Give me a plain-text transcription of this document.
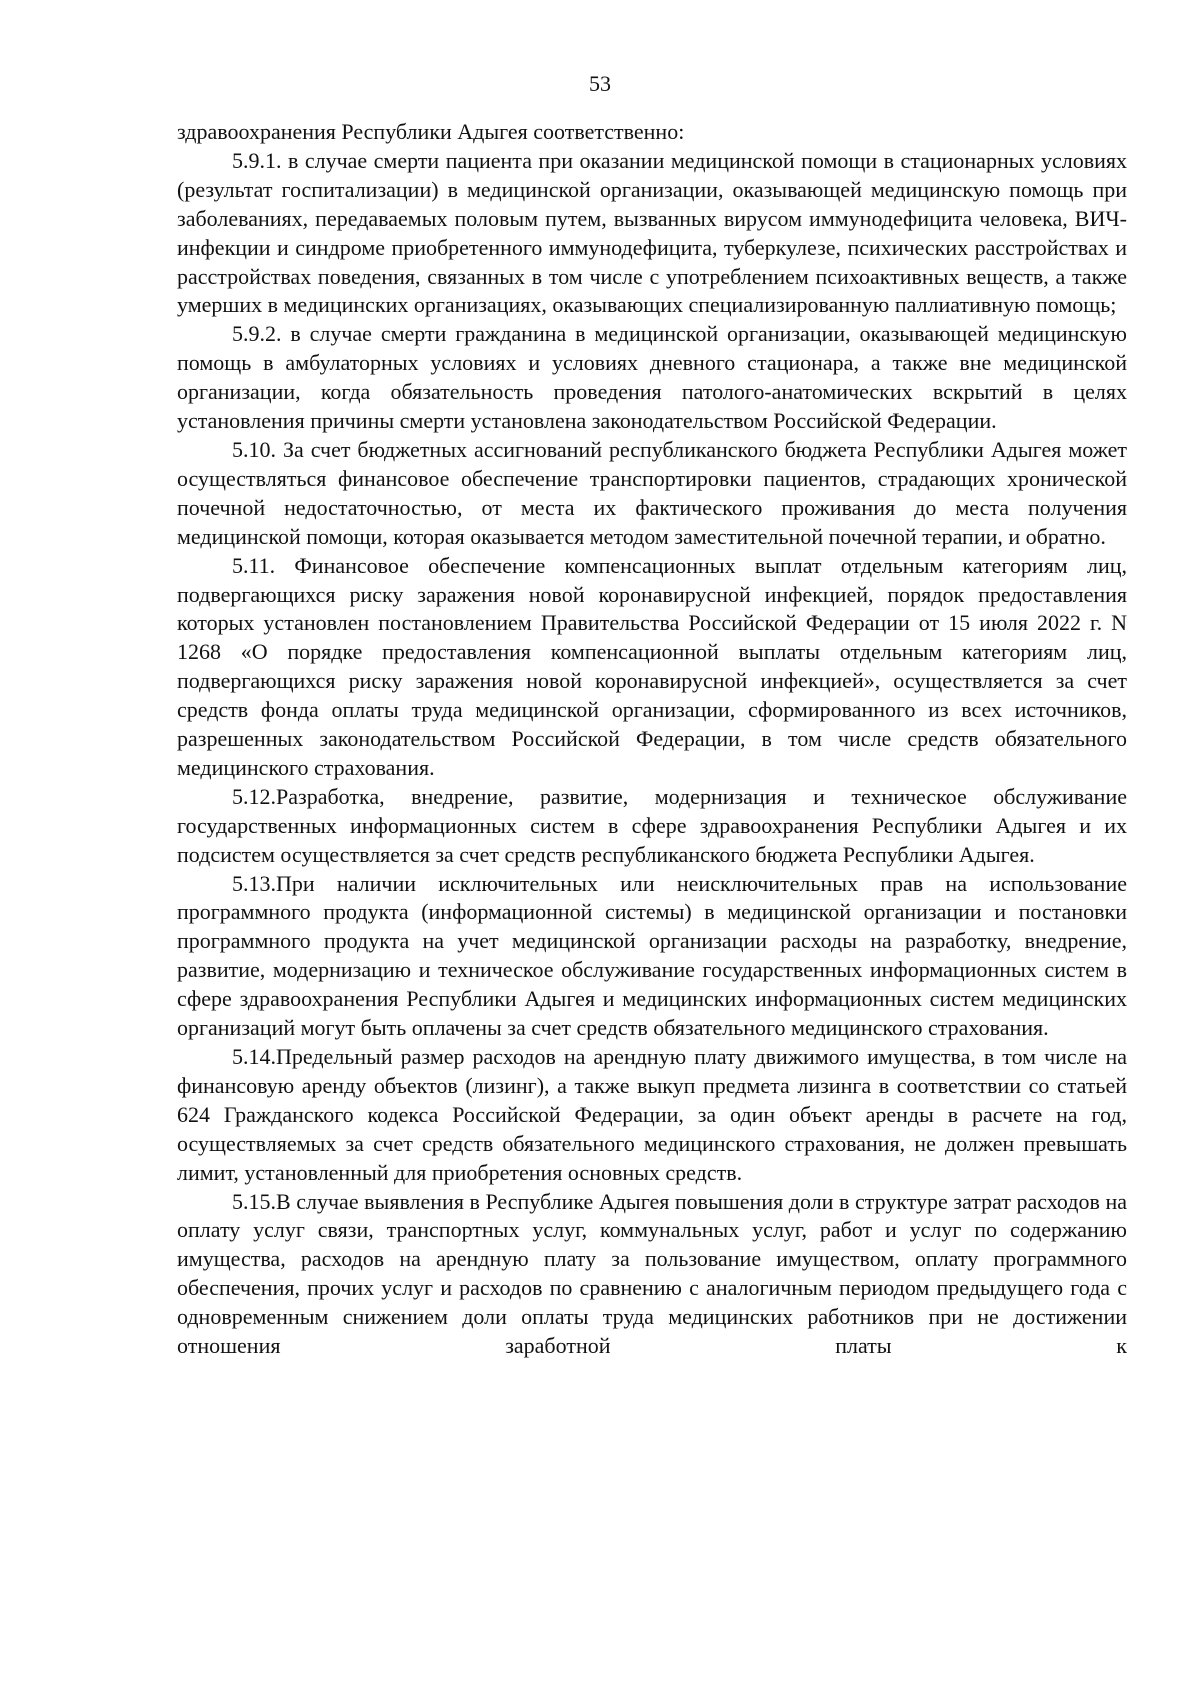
53

здравоохранения Республики Адыгея соответственно:

5.9.1. в случае смерти пациента при оказании медицинской помощи в стационарных условиях (результат госпитализации) в медицинской организации, оказывающей медицинскую помощь при заболеваниях, передаваемых половым путем, вызванных вирусом иммунодефицита человека, ВИЧ-инфекции и синдроме приобретенного иммунодефицита, туберкулезе, психических расстройствах и расстройствах поведения, связанных в том числе с употреблением психоактивных веществ, а также умерших в медицинских организациях, оказывающих специализированную паллиативную помощь;

5.9.2. в случае смерти гражданина в медицинской организации, оказывающей медицинскую помощь в амбулаторных условиях и условиях дневного стационара, а также вне медицинской организации, когда обязательность проведения патолого-анатомических вскрытий в целях установления причины смерти установлена законодательством Российской Федерации.

5.10. За счет бюджетных ассигнований республиканского бюджета Республики Адыгея может осуществляться финансовое обеспечение транспортировки пациентов, страдающих хронической почечной недостаточностью, от места их фактического проживания до места получения медицинской помощи, которая оказывается методом заместительной почечной терапии, и обратно.

5.11. Финансовое обеспечение компенсационных выплат отдельным категориям лиц, подвергающихся риску заражения новой коронавирусной инфекцией, порядок предоставления которых установлен постановлением Правительства Российской Федерации от 15 июля 2022 г. N 1268 «О порядке предоставления компенсационной выплаты отдельным категориям лиц, подвергающихся риску заражения новой коронавирусной инфекцией», осуществляется за счет средств фонда оплаты труда медицинской организации, сформированного из всех источников, разрешенных законодательством Российской Федерации, в том числе средств обязательного медицинского страхования.

5.12.Разработка, внедрение, развитие, модернизация и техническое обслуживание государственных информационных систем в сфере здравоохранения Республики Адыгея и их подсистем осуществляется за счет средств республиканского бюджета Республики Адыгея.

5.13.При наличии исключительных или неисключительных прав на использование программного продукта (информационной системы) в медицинской организации и постановки программного продукта на учет медицинской организации расходы на разработку, внедрение, развитие, модернизацию и техническое обслуживание государственных информационных систем в сфере здравоохранения Республики Адыгея и медицинских информационных систем медицинских организаций могут быть оплачены за счет средств обязательного медицинского страхования.

5.14.Предельный размер расходов на арендную плату движимого имущества, в том числе на финансовую аренду объектов (лизинг), а также выкуп предмета лизинга в соответствии со статьей 624 Гражданского кодекса Российской Федерации, за один объект аренды в расчете на год, осуществляемых за счет средств обязательного медицинского страхования, не должен превышать лимит, установленный для приобретения основных средств.

5.15.В случае выявления в Республике Адыгея повышения доли в структуре затрат расходов на оплату услуг связи, транспортных услуг, коммунальных услуг, работ и услуг по содержанию имущества, расходов на арендную плату за пользование имуществом, оплату программного обеспечения, прочих услуг и расходов по сравнению с аналогичным периодом предыдущего года с одновременным снижением доли оплаты труда медицинских работников при не достижении отношения заработной платы к
